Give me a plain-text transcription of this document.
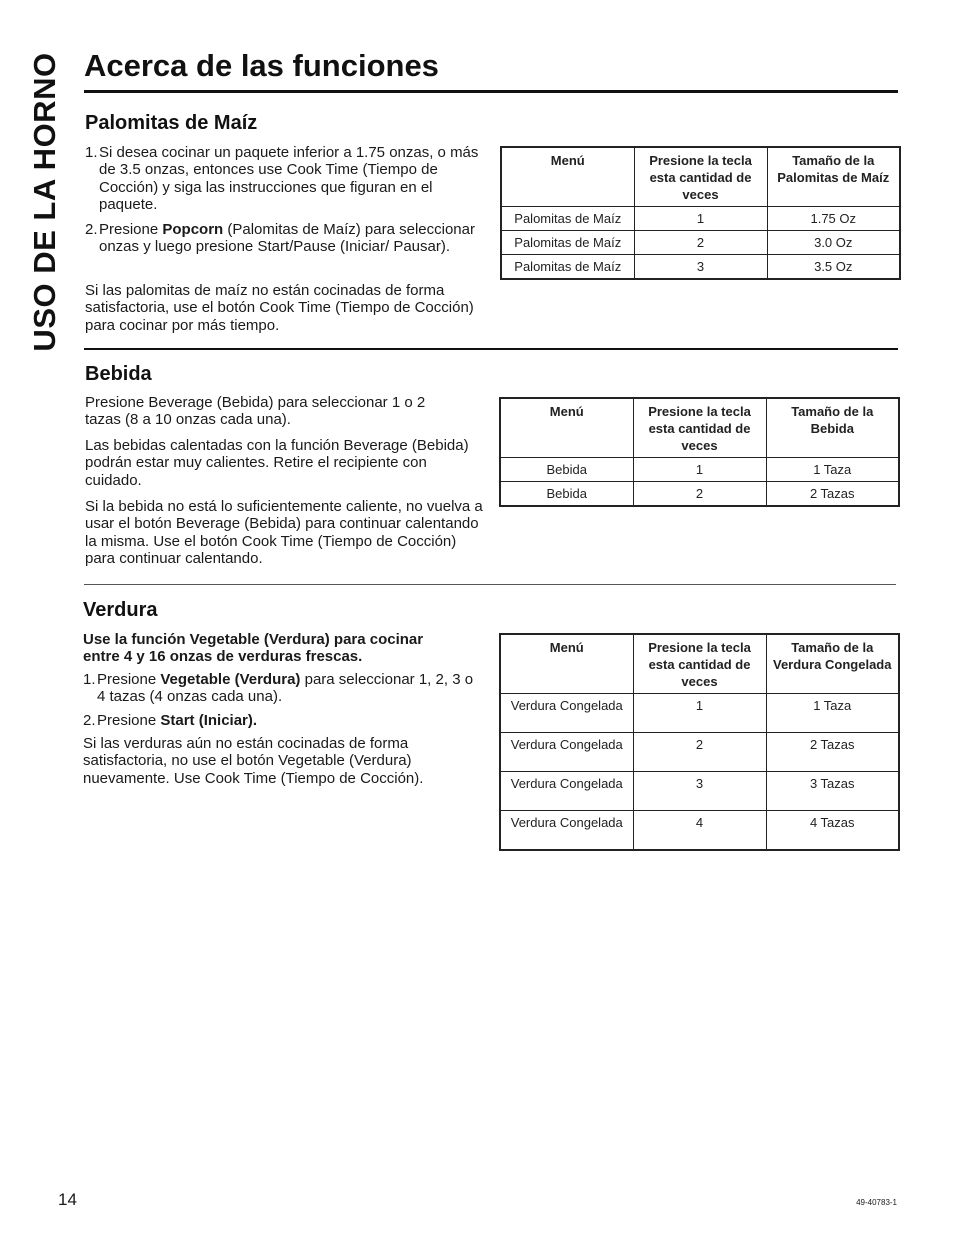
USO DE LA HORNO Acerca de las funciones
Palomitas de Maíz
1. Si desea cocinar un paquete inferior a 1.75 onzas, o más de 3.5 onzas, entonces use Cook Time (Tiempo de Cocción) y siga las instrucciones que figuran en el paquete.
2. Presione Popcorn (Palomitas de Maíz) para seleccionar onzas y luego presione Start/Pause (Iniciar/ Pausar).

Si las palomitas de maíz no están cocinadas de forma satisfactoria, use el botón Cook Time (Tiempo de Cocción) para cocinar por más tiempo.

Menú	Presione la tecla esta cantidad de veces	Tamaño de la Palomitas de Maíz
Palomitas de Maíz	1	1.75 Oz
Palomitas de Maíz	2	3.0 Oz
Palomitas de Maíz	3	3.5 Oz
Bebida

Presione Beverage (Bebida) para seleccionar 1 o 2 tazas (8 a 10 onzas cada una).

Las bebidas calentadas con la función Beverage (Bebida) podrán estar muy calientes. Retire el recipiente con cuidado.

Si la bebida no está lo suficientemente caliente, no vuelva a usar el botón Beverage (Bebida) para continuar calentando la misma. Use el botón Cook Time (Tiempo de Cocción) para continuar calentando.

Menú	Presione la tecla esta cantidad de veces	Tamaño de la Bebida
Bebida	1	1 Taza
Bebida	2	2 Tazas
Verdura

Use la función Vegetable (Verdura) para cocinar entre 4 y 16 onzas de verduras frescas.

1. Presione Vegetable (Verdura) para seleccionar 1, 2, 3 o 4 tazas (4 onzas cada una).
2. Presione Start (Iniciar).

Si las verduras aún no están cocinadas de forma satisfactoria, no use el botón Vegetable (Verdura) nuevamente. Use Cook Time (Tiempo de Cocción).

Menú	Presione la tecla esta cantidad de veces	Tamaño de la Verdura Congelada
Verdura Congelada	1	1 Taza
Verdura Congelada	2	2 Tazas
Verdura Congelada	3	3 Tazas
Verdura Congelada	4	4 Tazas
14	49-40783-1
